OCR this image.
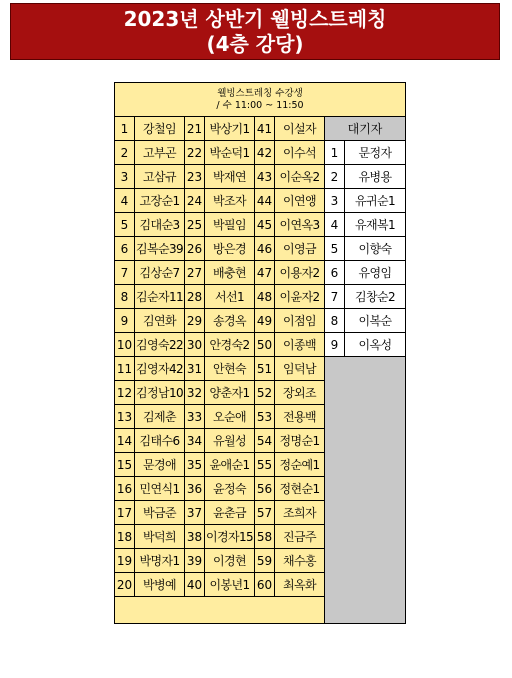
2023년 상반기 웰빙스트레칭
(4층 강당)
웰빙스트레칭 수강생
/ 수 11:00 ~ 11:50							

1	강철임	21	박상기1	41	이설자	대기자	
2	고부곤	22	박순덕1	42	이수석	1	문정자
3	고삼규	23	박재연	43	이순옥2	2	유병용
4	고장순1	24	박조자	44	이연앵	3	유귀순1
5	김대순3	25	박필임	45	이연옥3	4	유재복1
6	김복순39	26	방은경	46	이영금	5	이향숙
7	김상순7	27	배충현	47	이용자2	6	유영임
8	김순자11	28	서선1	48	이윤자2	7	김창순2
9	김연화	29	송경옥	49	이점임	8	이복순
10	김영숙22	30	안경숙2	50	이종백	9	이옥성
11	김영자42	31	안현숙	51	임덕남		
12	김정남10	32	양춘자1	52	장외조		
13	김제춘	33	오순애	53	전용백		
14	김태수6	34	유월성	54	정명순1		
15	문경애	35	윤애순1	55	정순예1		
16	민연식1	36	윤정숙	56	정현순1		
17	박금준	37	윤춘금	57	조희자		
18	박덕희	38	이경자15	58	진금주		
19	박명자1	39	이경현	59	채수홍		
20	박병예	40	이봉년1	60	최옥화		
